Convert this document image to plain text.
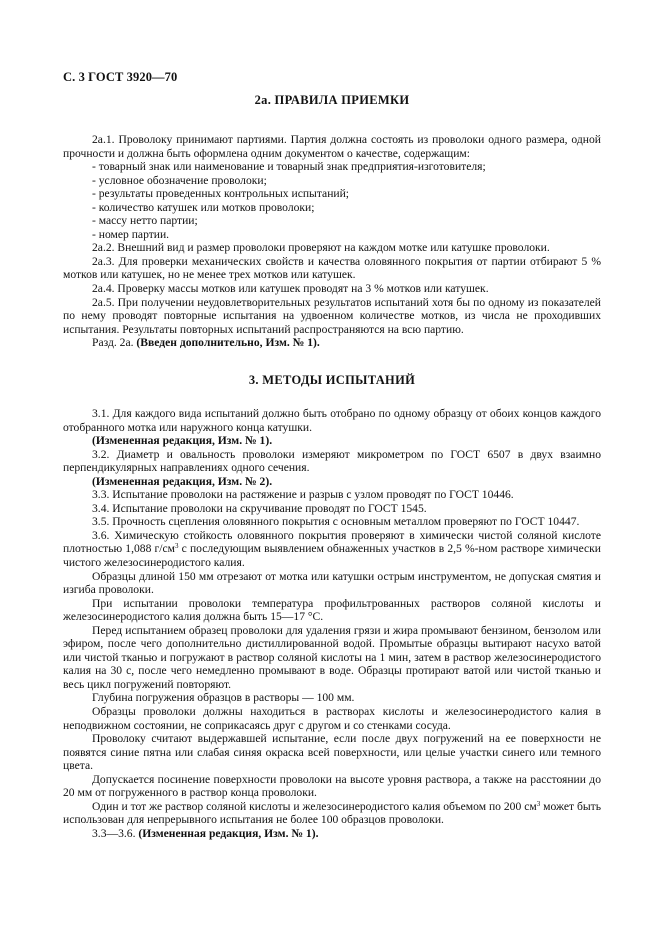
С. 3 ГОСТ 3920—70
2а. ПРАВИЛА ПРИЕМКИ

2а.1. Проволоку принимают партиями. Партия должна состоять из проволоки одного размера, одной прочности и должна быть оформлена одним документом о качестве, содержащим:

- товарный знак или наименование и товарный знак предприятия-изготовителя;

- условное обозначение проволоки;

- результаты проведенных контрольных испытаний;

- количество катушек или мотков проволоки;

- массу нетто партии;

- номер партии.

2а.2. Внешний вид и размер проволоки проверяют на каждом мотке или катушке проволоки.

2а.3. Для проверки механических свойств и качества оловянного покрытия от партии отбирают 5 % мотков или катушек, но не менее трех мотков или катушек.

2а.4. Проверку массы мотков или катушек проводят на 3 % мотков или катушек.

2а.5. При получении неудовлетворительных результатов испытаний хотя бы по одному из показателей по нему проводят повторные испытания на удвоенном количестве мотков, из числа не проходивших испытания. Результаты повторных испытаний распространяются на всю партию.

Разд. 2а. (Введен дополнительно, Изм. № 1).

3. МЕТОДЫ ИСПЫТАНИЙ

3.1. Для каждого вида испытаний должно быть отобрано по одному образцу от обоих концов каждого отобранного мотка или наружного конца катушки.

(Измененная редакция, Изм. № 1).

3.2. Диаметр и овальность проволоки измеряют микрометром по ГОСТ 6507 в двух взаимно перпендикулярных направлениях одного сечения.

(Измененная редакция, Изм. № 2).

3.3. Испытание проволоки на растяжение и разрыв с узлом проводят по ГОСТ 10446.

3.4. Испытание проволоки на скручивание проводят по ГОСТ 1545.

3.5. Прочность сцепления оловянного покрытия с основным металлом проверяют по ГОСТ 10447.

3.6. Химическую стойкость оловянного покрытия проверяют в химически чистой соляной кислоте плотностью 1,088 $г/см^3$ с последующим выявлением обнаженных участков в 2,5 %-ном растворе химически чистого железосинеродистого калия.

Образцы длиной 150 мм отрезают от мотка или катушки острым инструментом, не допуская смятия и изгиба проволоки.

При испытании проволоки температура профильтрованных растворов соляной кислоты и железосинеродистого калия должна быть 15—17 °С.

Перед испытанием образец проволоки для удаления грязи и жира промывают бензином, бензолом или эфиром, после чего дополнительно дистиллированной водой. Промытые образцы вытирают насухо ватой или чистой тканью и погружают в раствор соляной кислоты на 1 мин, затем в раствор железосинеродистого калия на 30 с, после чего немедленно промывают в воде. Образцы протирают ватой или чистой тканью и весь цикл погружений повторяют.

Глубина погружения образцов в растворы — 100 мм.

Образцы проволоки должны находиться в растворах кислоты и железосинеродистого калия в неподвижном состоянии, не соприкасаясь друг с другом и со стенками сосуда.

Проволоку считают выдержавшей испытание, если после двух погружений на ее поверхности не появятся синие пятна или слабая синяя окраска всей поверхности, или целые участки синего или темного цвета.

Допускается посинение поверхности проволоки на высоте уровня раствора, а также на расстоянии до 20 мм от погруженного в раствор конца проволоки.

Один и тот же раствор соляной кислоты и железосинеродистого калия объемом по 200 $см^3$ может быть использован для непрерывного испытания не более 100 образцов проволоки.

3.3—3.6. (Измененная редакция, Изм. № 1).
